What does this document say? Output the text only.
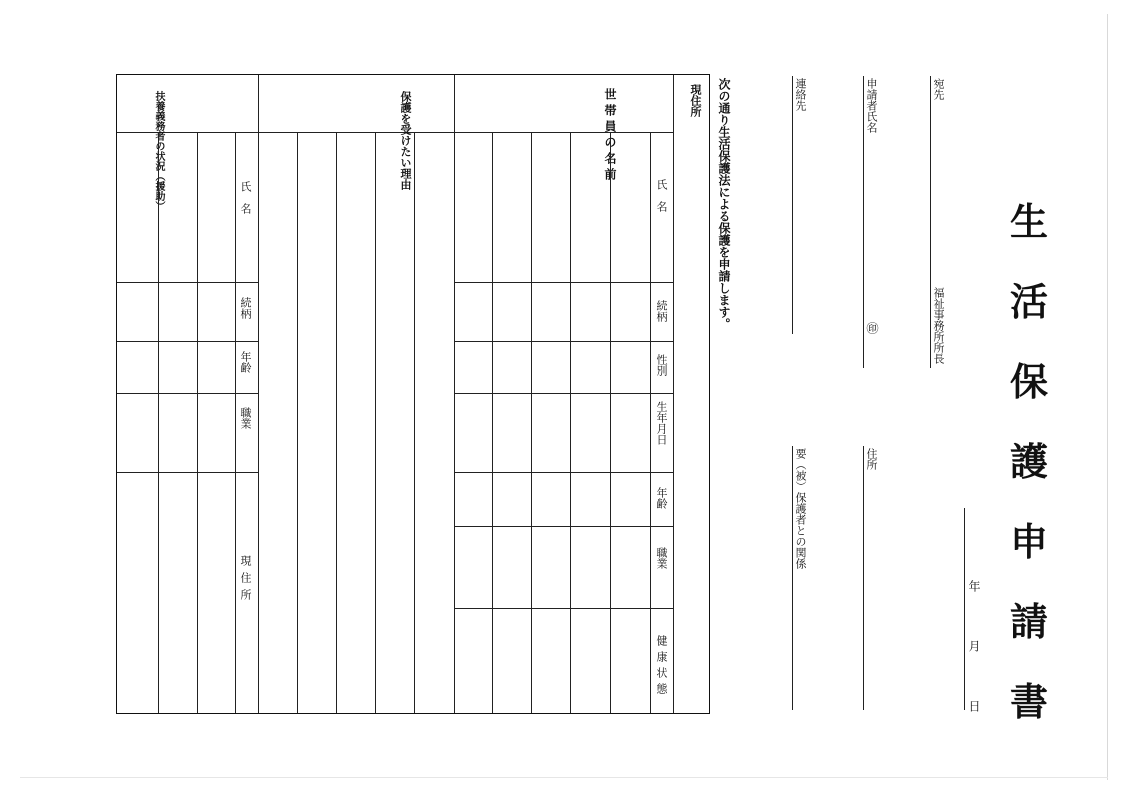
生
活
保
護
申
請
書
年
月
日
宛先
福祉事務所所長
申請者氏名
㊞
住所
連絡先
要（被）保護者との関係
次の通り生活保護法による保護を申請します。
現住所
世帯員の名前
氏　名
続柄
性別
生年月日
年齢
職業
健康状態
保護を受けたい理由
扶養義務者の状況（援助）	氏　名
続柄
年齢
職業
現住所
